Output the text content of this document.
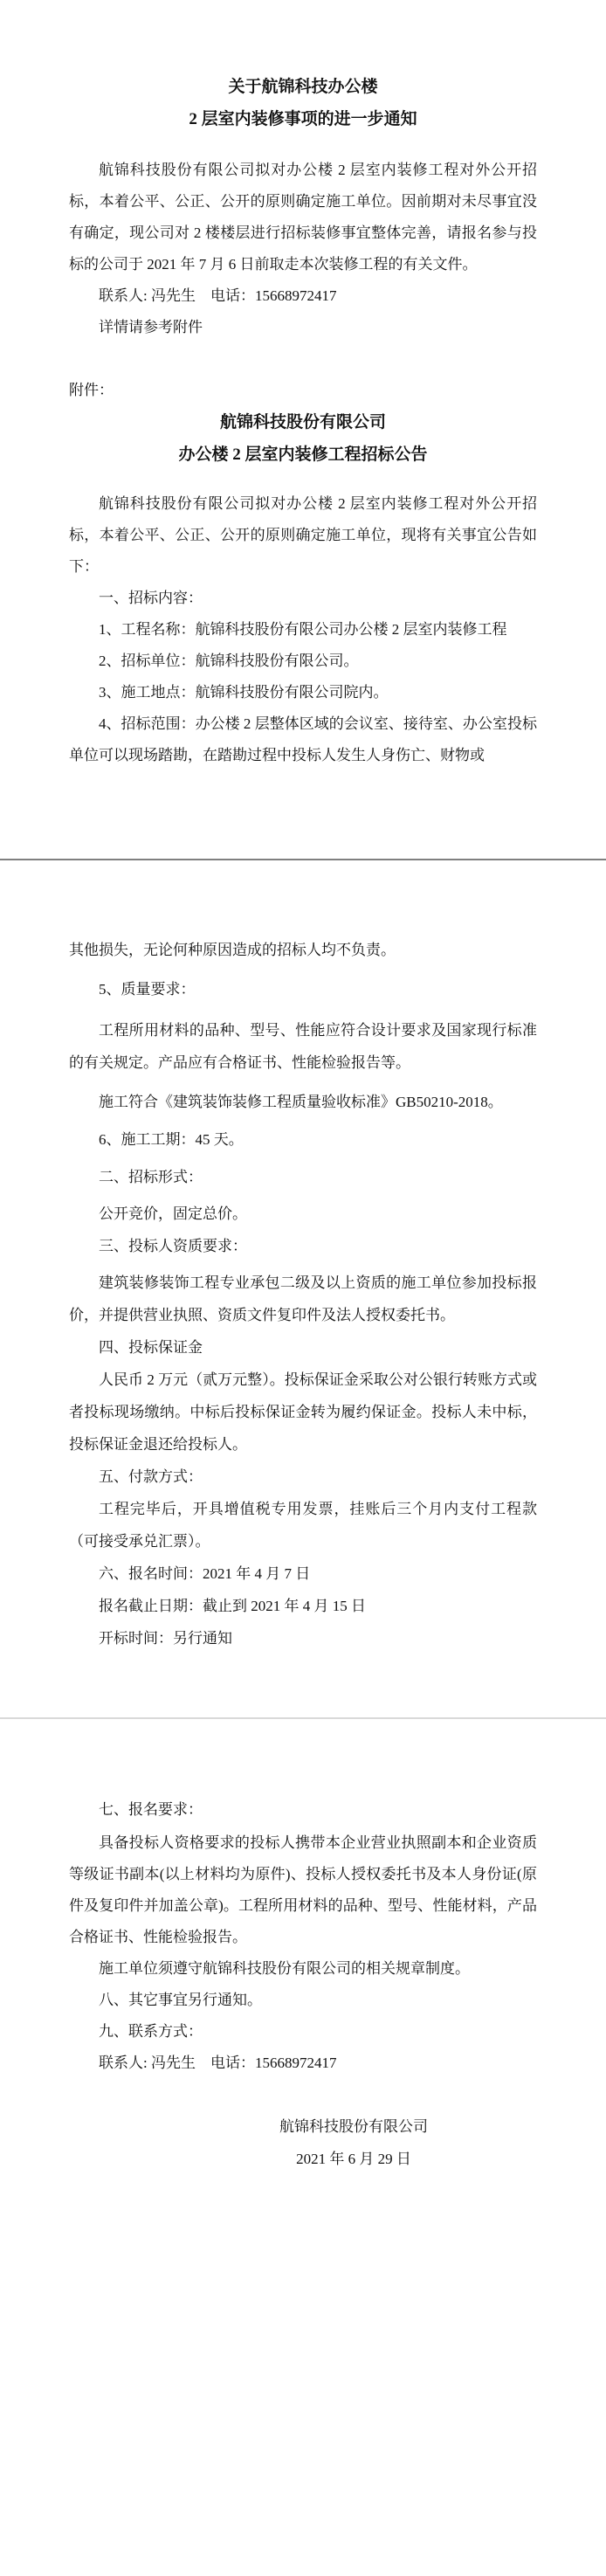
关于航锦科技办公楼
2 层室内装修事项的进一步通知

航锦科技股份有限公司拟对办公楼 2 层室内装修工程对外公开招标，本着公平、公正、公开的原则确定施工单位。因前期对未尽事宜没有确定，现公司对 2 楼楼层进行招标装修事宜整体完善，请报名参与投标的公司于 2021 年 7 月 6 日前取走本次装修工程的有关文件。

联系人: 冯先生　电话：15668972417

详情请参考附件

附件：

航锦科技股份有限公司
办公楼 2 层室内装修工程招标公告

航锦科技股份有限公司拟对办公楼 2 层室内装修工程对外公开招标，本着公平、公正、公开的原则确定施工单位，现将有关事宜公告如下：

一、招标内容：

1、工程名称：航锦科技股份有限公司办公楼 2 层室内装修工程

2、招标单位：航锦科技股份有限公司。

3、施工地点：航锦科技股份有限公司院内。

4、招标范围：办公楼 2 层整体区域的会议室、接待室、办公室投标单位可以现场踏勘，在踏勘过程中投标人发生人身伤亡、财物或

其他损失，无论何种原因造成的招标人均不负责。

5、质量要求：

工程所用材料的品种、型号、性能应符合设计要求及国家现行标准的有关规定。产品应有合格证书、性能检验报告等。

施工符合《建筑装饰装修工程质量验收标准》GB50210-2018。

6、施工工期：45 天。

二、招标形式：

公开竞价，固定总价。

三、投标人资质要求：

建筑装修装饰工程专业承包二级及以上资质的施工单位参加投标报价，并提供营业执照、资质文件复印件及法人授权委托书。

四、投标保证金

人民币 2 万元（贰万元整）。投标保证金采取公对公银行转账方式或者投标现场缴纳。中标后投标保证金转为履约保证金。投标人未中标，投标保证金退还给投标人。

五、付款方式：

工程完毕后，开具增值税专用发票，挂账后三个月内支付工程款（可接受承兑汇票）。

六、报名时间：2021 年 4 月 7 日

报名截止日期：截止到 2021 年 4 月 15 日

开标时间：另行通知

七、报名要求：

具备投标人资格要求的投标人携带本企业营业执照副本和企业资质等级证书副本(以上材料均为原件)、投标人授权委托书及本人身份证(原件及复印件并加盖公章)。工程所用材料的品种、型号、性能材料，产品合格证书、性能检验报告。

施工单位须遵守航锦科技股份有限公司的相关规章制度。

八、其它事宜另行通知。

九、联系方式：

联系人: 冯先生　电话：15668972417

航锦科技股份有限公司
2021 年 6 月 29 日
